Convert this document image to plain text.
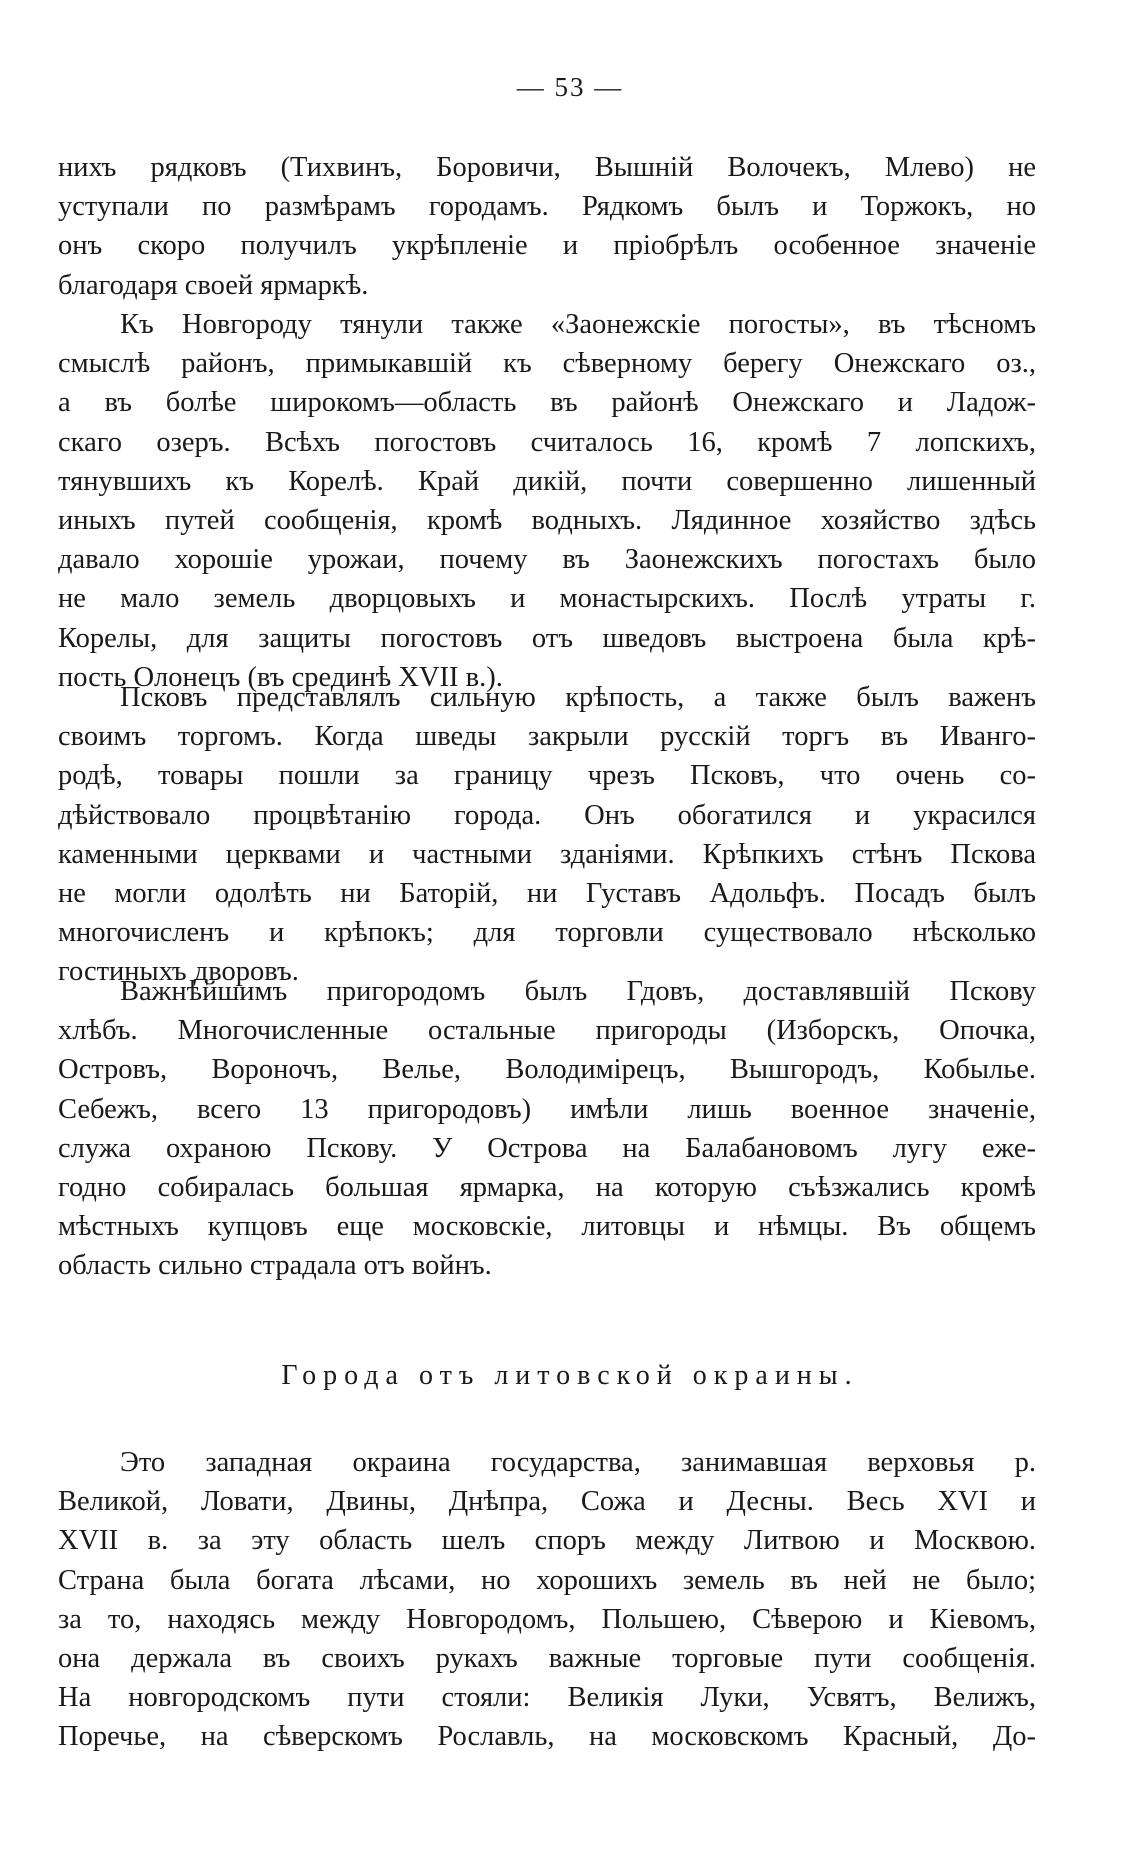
— 53 —
нихъ рядковъ (Тихвинъ, Боровичи, Вышній Волочекъ, Млево) не
уступали по размѣрамъ городамъ. Рядкомъ былъ и Торжокъ, но
онъ скоро получилъ укрѣпленіе и пріобрѣлъ особенное значеніе
благодаря своей ярмаркѣ.
Къ Новгороду тянули также «Заонежскіе погосты», въ тѣсномъ
смыслѣ районъ, примыкавшій къ сѣверному берегу Онежскаго оз.,
а въ болѣе широкомъ—область въ районѣ Онежскаго и Ладож-
скаго озеръ. Всѣхъ погостовъ считалось 16, кромѣ 7 лопскихъ,
тянувшихъ къ Корелѣ. Край дикій, почти совершенно лишенный
иныхъ путей сообщенія, кромѣ водныхъ. Лядинное хозяйство здѣсь
давало хорошіе урожаи, почему въ Заонежскихъ погостахъ было
не мало земель дворцовыхъ и монастырскихъ. Послѣ утраты г.
Корелы, для защиты погостовъ отъ шведовъ выстроена была крѣ-
пость Олонецъ (въ срединѣ XVII в.).
Псковъ представлялъ сильную крѣпость, а также былъ важенъ
своимъ торгомъ. Когда шведы закрыли русскій торгъ въ Иванго-
родѣ, товары пошли за границу чрезъ Псковъ, что очень со-
дѣйствовало процвѣтанію города. Онъ обогатился и украсился
каменными церквами и частными зданіями. Крѣпкихъ стѣнъ Пскова
не могли одолѣть ни Баторій, ни Густавъ Адольфъ. Посадъ былъ
многочисленъ и крѣпокъ; для торговли существовало нѣсколько
гостиныхъ дворовъ.
Важнѣйшимъ пригородомъ былъ Гдовъ, доставлявшій Пскову
хлѣбъ. Многочисленные остальные пригороды (Изборскъ, Опочка,
Островъ, Вороночъ, Велье, Володимірецъ, Вышгородъ, Кобылье.
Себежъ, всего 13 пригородовъ) имѣли лишь военное значеніе,
служа охраною Пскову. У Острова на Балабановомъ лугу еже-
годно собиралась большая ярмарка, на которую съѣзжались кромѣ
мѣстныхъ купцовъ еще московскіе, литовцы и нѣмцы. Въ общемъ
область сильно страдала отъ войнъ.
Города отъ литовской окраины.
Это западная окраина государства, занимавшая верховья р.
Великой, Ловати, Двины, Днѣпра, Сожа и Десны. Весь XVI и
XVII в. за эту область шелъ споръ между Литвою и Москвою.
Страна была богата лѣсами, но хорошихъ земель въ ней не было;
за то, находясь между Новгородомъ, Польшею, Сѣверою и Кіевомъ,
она держала въ своихъ рукахъ важные торговые пути сообщенія.
На новгородскомъ пути стояли: Великія Луки, Усвятъ, Велижъ,
Поречье, на сѣверскомъ Рославль, на московскомъ Красный, До-
